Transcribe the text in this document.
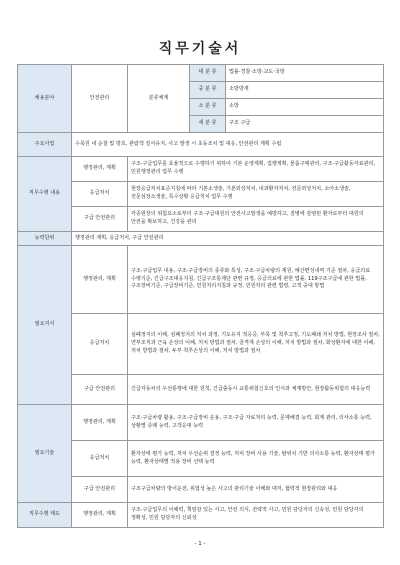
직무기술서
채용분야	안전관리	분류체계	대 분 류	법률·경찰·소방·교도·국방
			중 분 류	소방방재
			소 분 류	소방
			세 분 류	구조 구급
주요사업	수목원 내 순찰 및 방호, 관람객 질서유지, 사고 발생 시 초동조치 및 대응, 안전관리 계획 수립			
직무수행 내용	행정관리, 계획	구조·구급업무를 효율적으로 수행하기 위하여 기본 운영계획, 집행계획, 물품구매관리, 구조·구급활동자료관리, 민원행정관리 업무 수행		
	응급처치	현장응급처치표준지침에 따라 기본소생술, 기본외상처치, 내과환자처치, 전문외상처치, 소아소생술, 전문심장소생술, 특수상황 응급처치 업무 수행		
	구급 안전관리	각종현장의 위험요소로부터 구조·구급대원의 안전사고발생을 예방하고, 질병에 감염된 환자로부터 대원의 안전을 확보하고, 건강을 관리		
능력단위	행정관리 계획, 응급처치, 구급 안전관리			
필요지식	행정관리, 계획	구조·구급업무 내용, 구조·구급장비의 종류와 특성, 구조·구급차량의 제원, 예산편성내역 기준 절차, 응급의료 수행기준, 긴급구조대응지침, 긴급구조통제단 관련 규정, 응급의료에 관한 법률, 119구조구급에 관한 법률, 구조장비기준, 구급장비기준, 민원처리지침과 규정, 민원처리 관련 법령, 고객 중대 방법		
	응급처치	심폐정지의 이해, 심폐정지의 처치 과정, 기도유지 적응증, 부목 및 척추고정, 기도폐쇄 처치 방법, 현장조사 절차, 연부조직과 근육 손상의 이해, 처치 방법과 절차, 골격계 손상의 이해, 처치 방법과 절차, 화상환자에 대한 이해, 처치 방법과 절차, 두부 척추손상의 이해, 처치 방법과 절차		
	구급 안전관리	긴급자동차의 우선통행에 대한 원칙, 긴급출동시 교통위험신호의 인식과 체계방안, 현장활동위험의 대응능력		
필요기술	행정관리, 계획	구조·구급차량 활용, 구조·구급장비 운용, 구조·구급 자료처리 능력, 문제해결 능력, 회계 관리, 의사소통 능력, 상황별 증례 능력, 고객응대 능력		
	응급처치	환자상태 평가 능력, 처치 우선순위 결정 능력, 처치 장비 사용 기술, 탈위치 기반 의사소통 능력, 환자상태 평가 능력, 환자상태별 적용 장비 선택 능력		
	구급 안전관리	구조구급차량의 방어운전, 위험성 높은 사고의 관리기술 이해와 대처, 협력적 현장관리와 대응		
직무수행 태도	행정관리, 계획	구조·구급업무의 이해력, 책임감 있는 사고, 안전 의식, 전략적 사고, 민원 담당자의 신속성, 민원 담당자의 정확성, 민원 담당자의 신뢰성		
- 1 -
